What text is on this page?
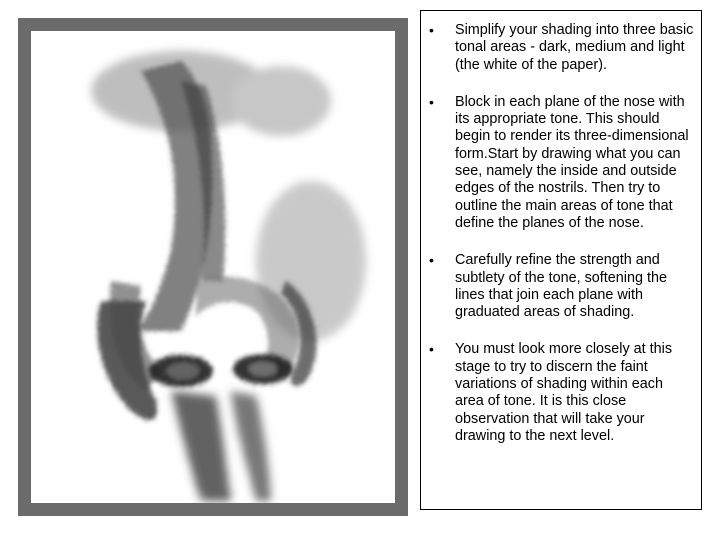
• Simplify your shading into three basic tonal areas - dark, medium and light (the white of the paper).
• Block in each plane of the nose with its appropriate tone. This should begin to render its three-dimensional form.Start by drawing what you can see, namely the inside and outside edges of the nostrils. Then try to outline the main areas of tone that define the planes of the nose.
• Carefully refine the strength and subtlety of the tone, softening the lines that join each plane with graduated areas of shading.
• You must look more closely at this stage to try to discern the faint variations of shading within each area of tone. It is this close observation that will take your drawing to the next level.
